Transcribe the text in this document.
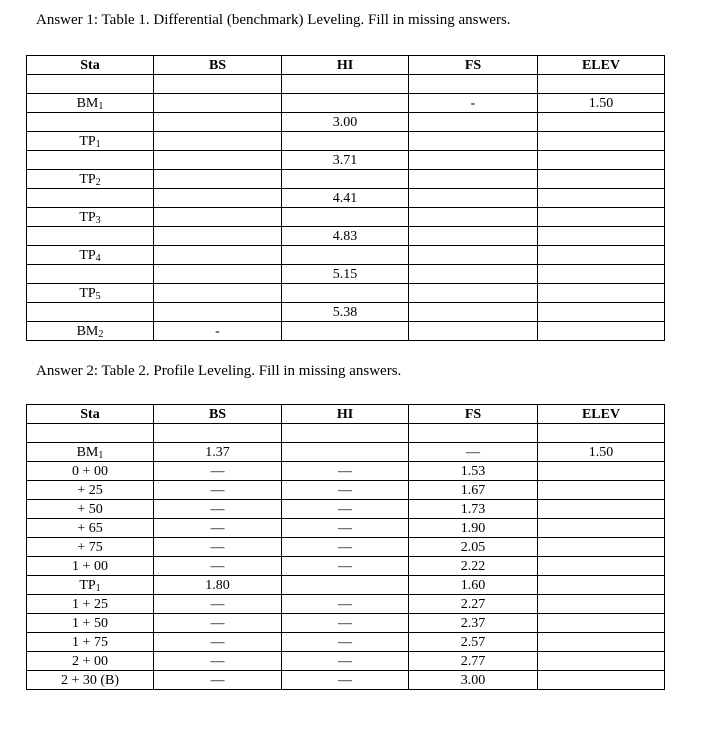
Answer 1: Table 1. Differential (benchmark) Leveling. Fill in missing answers.
Sta	BS	HI	FS	ELEV

$BM_1$			-	1.50
		3.00		
$TP_1$				
		3.71		
$TP_2$				
		4.41		
$TP_3$				
		4.83		
$TP_4$				
		5.15		
$TP_5$				
		5.38		
$BM_2$	-			
Answer 2: Table 2. Profile Leveling. Fill in missing answers.
Sta	BS	HI	FS	ELEV

$BM_1$	1.37		—	1.50
0 + 00	—	—	1.53	
+ 25	—	—	1.67	
+ 50	—	—	1.73	
+ 65	—	—	1.90	
+ 75	—	—	2.05	
1 + 00	—	—	2.22	
$TP_1$	1.80		1.60	
1 + 25	—	—	2.27	
1 + 50	—	—	2.37	
1 + 75	—	—	2.57	
2 + 00	—	—	2.77	
2 + 30 (B)	—	—	3.00	
